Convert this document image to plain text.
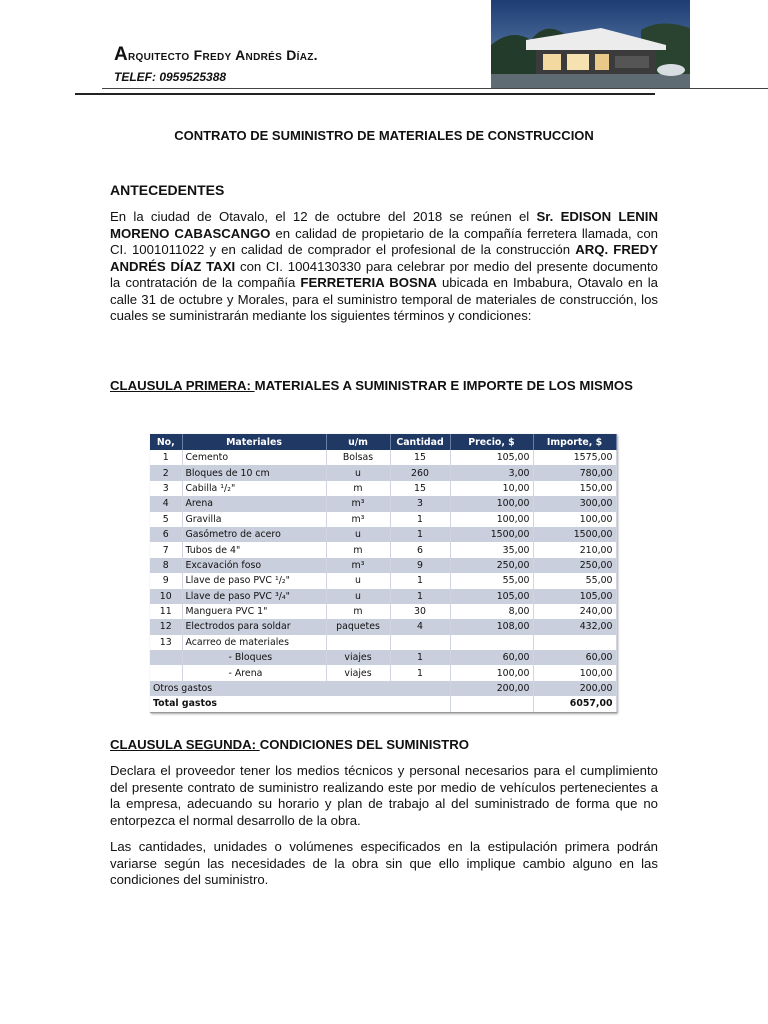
Arquitecto Fredy Andrés Díaz.
TELEF: 0959525388
CONTRATO DE SUMINISTRO DE MATERIALES DE CONSTRUCCION
ANTECEDENTES

En la ciudad de Otavalo, el 12 de octubre del 2018 se reúnen el Sr. EDISON LENIN MORENO CABASCANGO en calidad de propietario de la compañía ferretera llamada, con CI. 1001011022 y en calidad de comprador el profesional de la construcción ARQ. FREDY ANDRÉS DÍAZ TAXI con CI. 1004130330 para celebrar por medio del presente documento la contratación de la compañía FERRETERIA BOSNA ubicada en Imbabura, Otavalo en la calle 31 de octubre y Morales, para el suministro temporal de materiales de construcción, los cuales se suministrarán mediante los siguientes términos y condiciones:

CLAUSULA PRIMERA: MATERIALES A SUMINISTRAR E IMPORTE DE LOS MISMOS
No,	Materiales	u/m	Cantidad	Precio, $	Importe, $
1	Cemento	Bolsas	15	105,00	1575,00
2	Bloques de 10 cm	u	260	3,00	780,00
3	Cabilla ¹/₂"	m	15	10,00	150,00
4	Arena	m³	3	100,00	300,00
5	Gravilla	m³	1	100,00	100,00
6	Gasómetro de acero	u	1	1500,00	1500,00
7	Tubos de 4"	m	6	35,00	210,00
8	Excavación foso	m³	9	250,00	250,00
9	Llave de paso PVC ¹/₂"	u	1	55,00	55,00
10	Llave de paso PVC ³/₄"	u	1	105,00	105,00
11	Manguera PVC 1"	m	30	8,00	240,00
12	Electrodos para soldar	paquetes	4	108,00	432,00
13	Acarreo de materiales				
	- Bloques	viajes	1	60,00	60,00
	- Arena	viajes	1	100,00	100,00
Otros gastos				200,00	200,00
Total gastos					6057,00
CLAUSULA SEGUNDA: CONDICIONES DEL SUMINISTRO

Declara el proveedor tener los medios técnicos y personal necesarios para el cumplimiento del presente contrato de suministro realizando este por medio de vehículos pertenecientes a la empresa, adecuando su horario y plan de trabajo al del suministrado de forma que no entorpezca el normal desarrollo de la obra.

Las cantidades, unidades o volúmenes especificados en la estipulación primera podrán variarse según las necesidades de la obra sin que ello implique cambio alguno en las condiciones del suministro.
